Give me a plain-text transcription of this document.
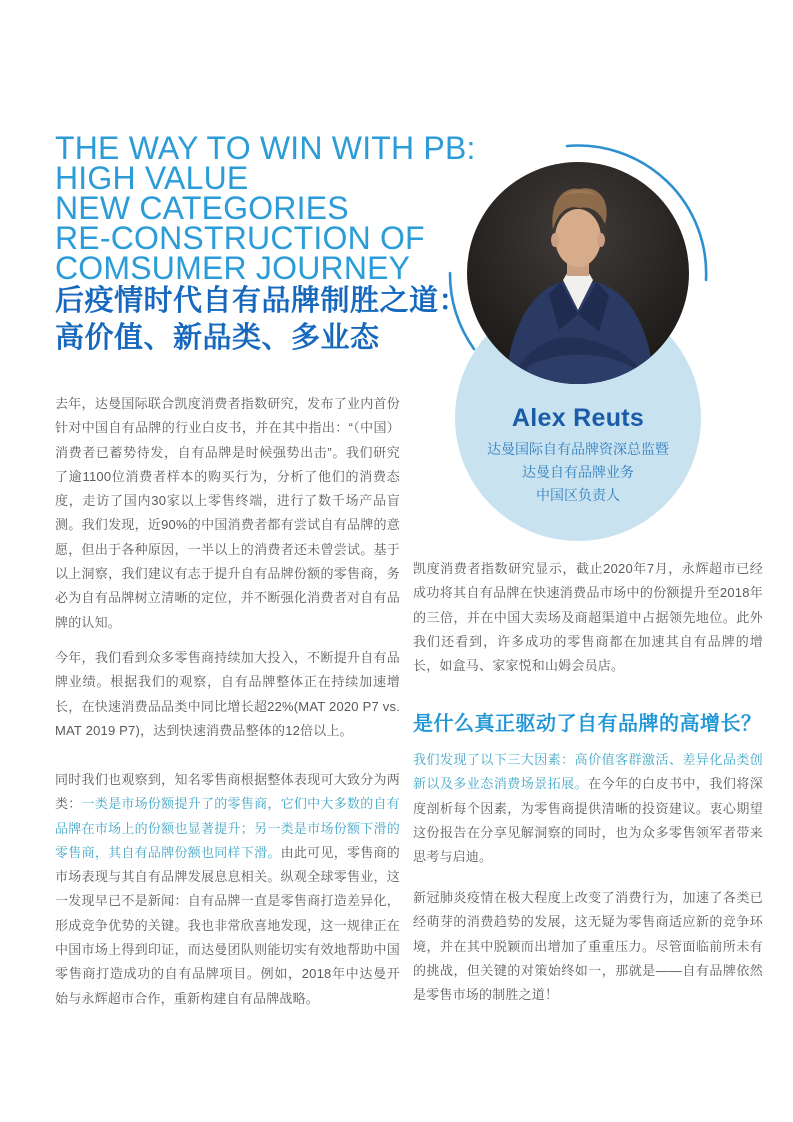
THE WAY TO WIN WITH PB:
HIGH VALUE
NEW CATEGORIES
RE-CONSTRUCTION OF
COMSUMER JOURNEY
后疫情时代自有品牌制胜之道：
高价值、新品类、多业态
Alex Reuts
达曼国际自有品牌资深总监暨
达曼自有品牌业务
中国区负责人

去年，达曼国际联合凯度消费者指数研究，发布了业内首份针对中国自有品牌的行业白皮书，并在其中指出：“（中国）消费者已蓄势待发，自有品牌是时候强势出击”。我们研究了逾1100位消费者样本的购买行为，分析了他们的消费态度，走访了国内30家以上零售终端，进行了数千场产品盲测。我们发现，近90%的中国消费者都有尝试自有品牌的意愿，但出于各种原因，一半以上的消费者还未曾尝试。基于以上洞察，我们建议有志于提升自有品牌份额的零售商，务必为自有品牌树立清晰的定位，并不断强化消费者对自有品牌的认知。

今年，我们看到众多零售商持续加大投入，不断提升自有品牌业绩。根据我们的观察，自有品牌整体正在持续加速增长，在快速消费品品类中同比增长超22%(MAT 2020 P7 vs. MAT 2019 P7)，达到快速消费品整体的12倍以上。

同时我们也观察到，知名零售商根据整体表现可大致分为两类：一类是市场份额提升了的零售商，它们中大多数的自有品牌在市场上的份额也显著提升；另一类是市场份额下滑的零售商，其自有品牌份额也同样下滑。由此可见，零售商的市场表现与其自有品牌发展息息相关。纵观全球零售业，这一发现早已不是新闻：自有品牌一直是零售商打造差异化，形成竞争优势的关键。我也非常欣喜地发现，这一规律正在中国市场上得到印证，而达曼团队则能切实有效地帮助中国零售商打造成功的自有品牌项目。例如，2018年中达曼开始与永辉超市合作，重新构建自有品牌战略。

凯度消费者指数研究显示，截止2020年7月，永辉超市已经成功将其自有品牌在快速消费品市场中的份额提升至2018年的三倍，并在中国大卖场及商超渠道中占据领先地位。此外我们还看到，许多成功的零售商都在加速其自有品牌的增长，如盒马、家家悦和山姆会员店。

是什么真正驱动了自有品牌的高增长？

我们发现了以下三大因素：高价值客群激活、差异化品类创新以及多业态消费场景拓展。在今年的白皮书中，我们将深度剖析每个因素，为零售商提供清晰的投资建议。衷心期望这份报告在分享见解洞察的同时，也为众多零售领军者带来思考与启迪。

新冠肺炎疫情在极大程度上改变了消费行为，加速了各类已经萌芽的消费趋势的发展，这无疑为零售商适应新的竞争环境，并在其中脱颖而出增加了重重压力。尽管面临前所未有的挑战，但关键的对策始终如一，那就是——自有品牌依然是零售市场的制胜之道！
